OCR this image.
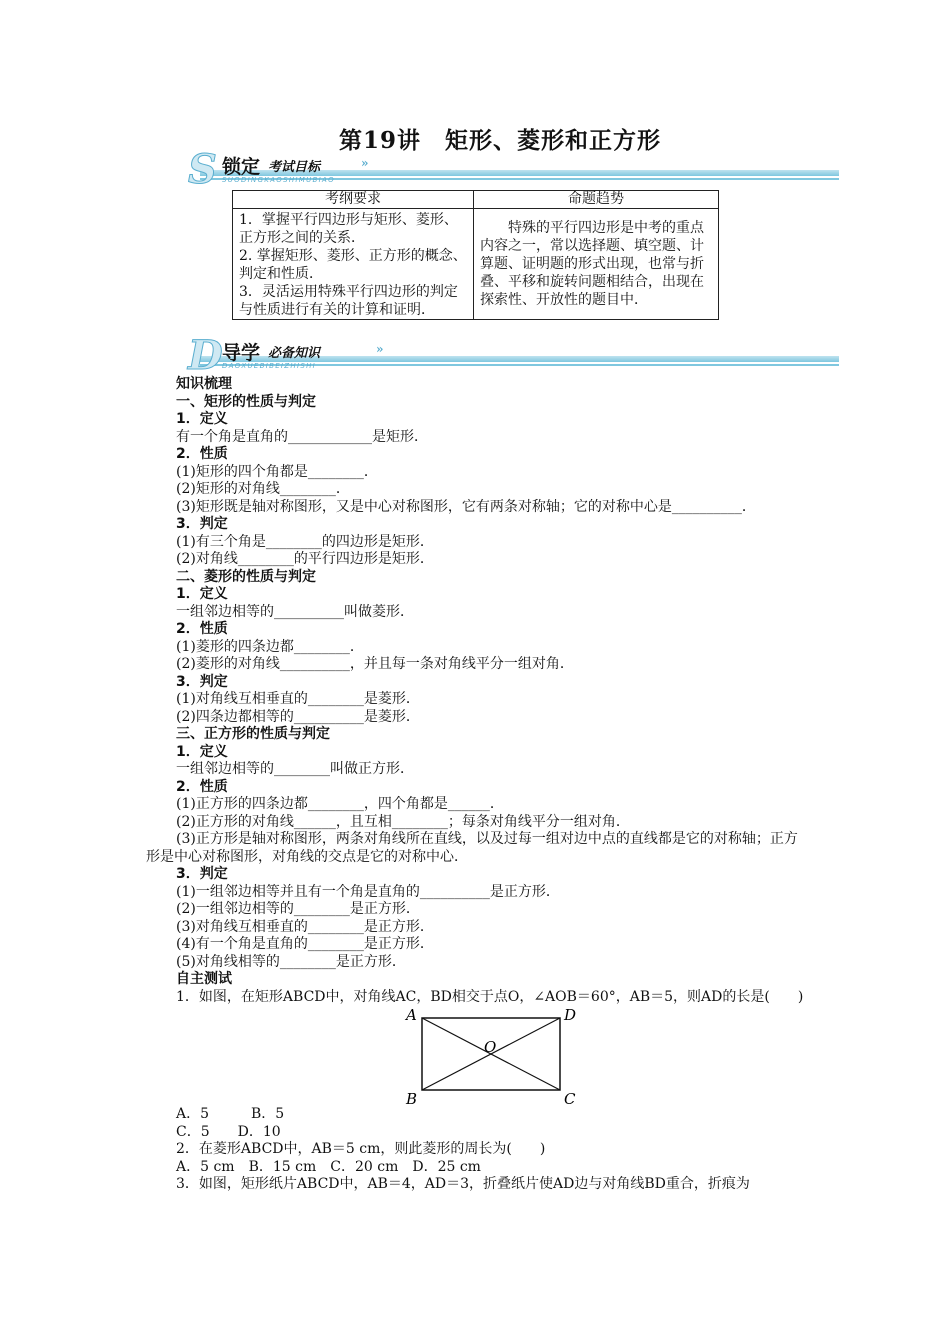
第19讲　矩形、菱形和正方形
S 锁定 考试目标	»
SUODINGKAOSHIMUBIAO
考纲要求	命题趋势

1．掌握平行四边形与矩形、菱形、正方形之间的关系．
2. 掌握矩形、菱形、正方形的概念、判定和性质．
3．灵活运用特殊平行四边形的判定与性质进行有关的计算和证明．	特殊的平行四边形是中考的重点内容之一，常以选择题、填空题、计算题、证明题的形式出现，也常与折叠、平移和旋转问题相结合，出现在探索性、开放性的题目中．
D 导学 必备知识	»
DAOXUEBIBEIZHISHI
知识梳理
一、矩形的性质与判定
1．定义
有一个角是直角的____________是矩形．
2．性质
(1)矩形的四个角都是________．
(2)矩形的对角线________．
(3)矩形既是轴对称图形，又是中心对称图形，它有两条对称轴；它的对称中心是__________．
3．判定
(1)有三个角是________的四边形是矩形．
(2)对角线________的平行四边形是矩形．
二、菱形的性质与判定
1．定义
一组邻边相等的__________叫做菱形．
2．性质
(1)菱形的四条边都________．
(2)菱形的对角线__________，并且每一条对角线平分一组对角．
3．判定
(1)对角线互相垂直的________是菱形．
(2)四条边都相等的__________是菱形．
三、正方形的性质与判定
1．定义
一组邻边相等的________叫做正方形．
2．性质
(1)正方形的四条边都________，四个角都是______．
(2)正方形的对角线______，且互相________；每条对角线平分一组对角．
(3)正方形是轴对称图形，两条对角线所在直线，以及过每一组对边中点的直线都是它的对称轴；正方形是中心对称图形，对角线的交点是它的对称中心．
3．判定
(1)一组邻边相等并且有一个角是直角的__________是正方形．
(2)一组邻边相等的________是正方形．
(3)对角线互相垂直的________是正方形．
(4)有一个角是直角的________是正方形．
(5)对角线相等的________是正方形．
自主测试
1．如图，在矩形ABCD中，对角线AC，BD相交于点O，∠AOB＝60°，AB＝5，则AD的长是(　　)
A	D
B	C
O
A．5　　　B．5
C．5　　D．10
2．在菱形ABCD中，AB＝5 cm，则此菱形的周长为(　　)
A．5 cm　B．15 cm　C．20 cm　D．25 cm
3．如图，矩形纸片ABCD中，AB＝4，AD＝3，折叠纸片使AD边与对角线BD重合，折痕为
